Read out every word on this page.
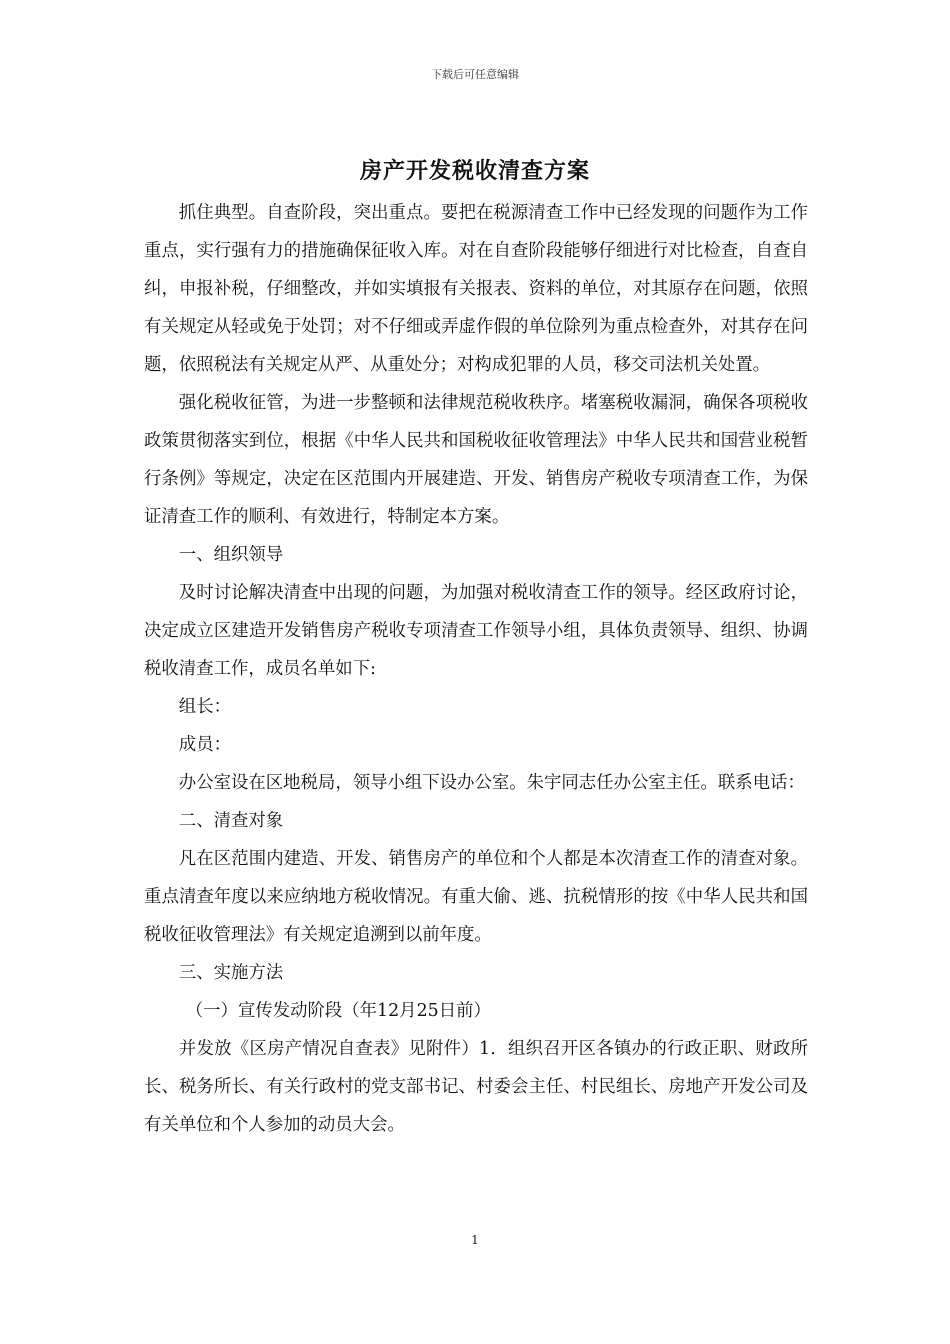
下载后可任意编辑
房产开发税收清查方案

抓住典型。自查阶段，突出重点。要把在税源清查工作中已经发现的问题作为工作重点，实行强有力的措施确保征收入库。对在自查阶段能够仔细进行对比检查，自查自纠，申报补税，仔细整改，并如实填报有关报表、资料的单位，对其原存在问题，依照有关规定从轻或免于处罚；对不仔细或弄虚作假的单位除列为重点检查外，对其存在问题，依照税法有关规定从严、从重处分；对构成犯罪的人员，移交司法机关处置。

强化税收征管，为进一步整顿和法律规范税收秩序。堵塞税收漏洞，确保各项税收政策贯彻落实到位，根据《中华人民共和国税收征收管理法》中华人民共和国营业税暂行条例》等规定，决定在区范围内开展建造、开发、销售房产税收专项清查工作，为保证清查工作的顺利、有效进行，特制定本方案。

一、组织领导

及时讨论解决清查中出现的问题，为加强对税收清查工作的领导。经区政府讨论，决定成立区建造开发销售房产税收专项清查工作领导小组，具体负责领导、组织、协调税收清查工作，成员名单如下:

组长：

成员：

办公室设在区地税局，领导小组下设办公室。朱宇同志任办公室主任。联系电话：

二、清查对象

凡在区范围内建造、开发、销售房产的单位和个人都是本次清查工作的清查对象。重点清查年度以来应纳地方税收情况。有重大偷、逃、抗税情形的按《中华人民共和国税收征收管理法》有关规定追溯到以前年度。

三、实施方法

（一）宣传发动阶段（年12月25日前）

并发放《区房产情况自查表》见附件）1．组织召开区各镇办的行政正职、财政所长、税务所长、有关行政村的党支部书记、村委会主任、村民组长、房地产开发公司及有关单位和个人参加的动员大会。

1
